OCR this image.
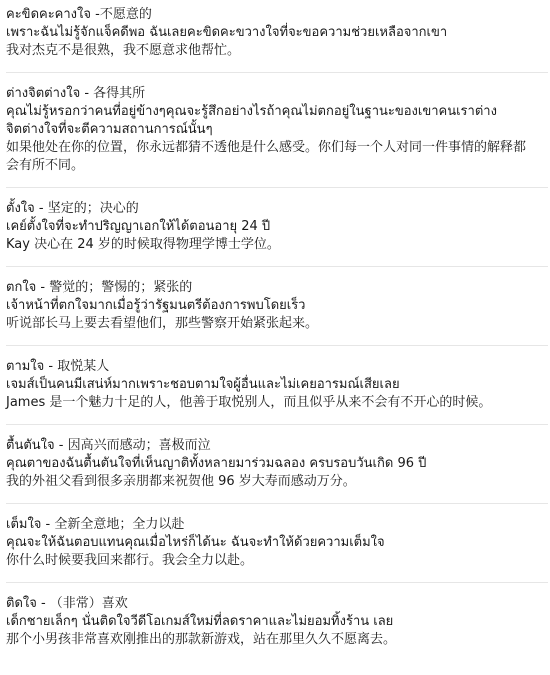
คะขิดคะคางใจ -不愿意的
เพราะฉันไม่รู้จักแจ็คดีพอ ฉันเลยคะขิดคะขวางใจที่จะขอความช่วยเหลือจากเขา
我对杰克不是很熟，我不愿意求他帮忙。
ต่างจิตต่างใจ - 各得其所
คุณไม่รู้หรอกว่าคนที่อยู่ข้างๆคุณจะรู้สึกอย่างไรถ้าคุณไม่ตกอยู่ในฐานะของเขาคนเราต่าง
จิตต่างใจที่จะตีความสถานการณ์นั้นๆ
如果他处在你的位置，你永远都猜不透他是什么感受。你们每一个人对同一件事情的解释都
会有所不同。
ตั้งใจ - 坚定的；决心的
เคย์ตั้งใจที่จะทำปริญญาเอกให้ได้ตอนอายุ 24 ปี
Kay 决心在 24 岁的时候取得物理学博士学位。
ตกใจ - 警觉的；警惕的；紧张的
เจ้าหน้าที่ตกใจมากเมื่อรู้ว่ารัฐมนตรีต้องการพบโดยเร็ว
听说部长马上要去看望他们，那些警察开始紧张起来。
ตามใจ - 取悦某人
เจมส์เป็นคนมีเสน่ห์มากเพราะชอบตามใจผู้อื่นและไม่เคยอารมณ์เสียเลย
James 是一个魅力十足的人，他善于取悦别人，而且似乎从来不会有不开心的时候。
ตื้นตันใจ - 因高兴而感动；喜极而泣
คุณตาของฉันตื้นตันใจที่เห็นญาติทั้งหลายมาร่วมฉลอง ครบรอบวันเกิด 96 ปี
我的外祖父看到很多亲朋都来祝贺他 96 岁大寿而感动万分。
เต็มใจ - 全新全意地；全力以赴
คุณจะให้ฉันตอบแทนคุณเมื่อไหร่ก็ได้นะ ฉันจะทำให้ด้วยความเต็มใจ
你什么时候要我回来都行。我会全力以赴。
ติดใจ - （非常）喜欢
เด็กชายเล็กๆ นั่นติดใจวีดีโอเกมส์ใหม่ที่ลดราคาและไม่ยอมทิ้งร้าน เลย
那个小男孩非常喜欢刚推出的那款新游戏，站在那里久久不愿离去。
